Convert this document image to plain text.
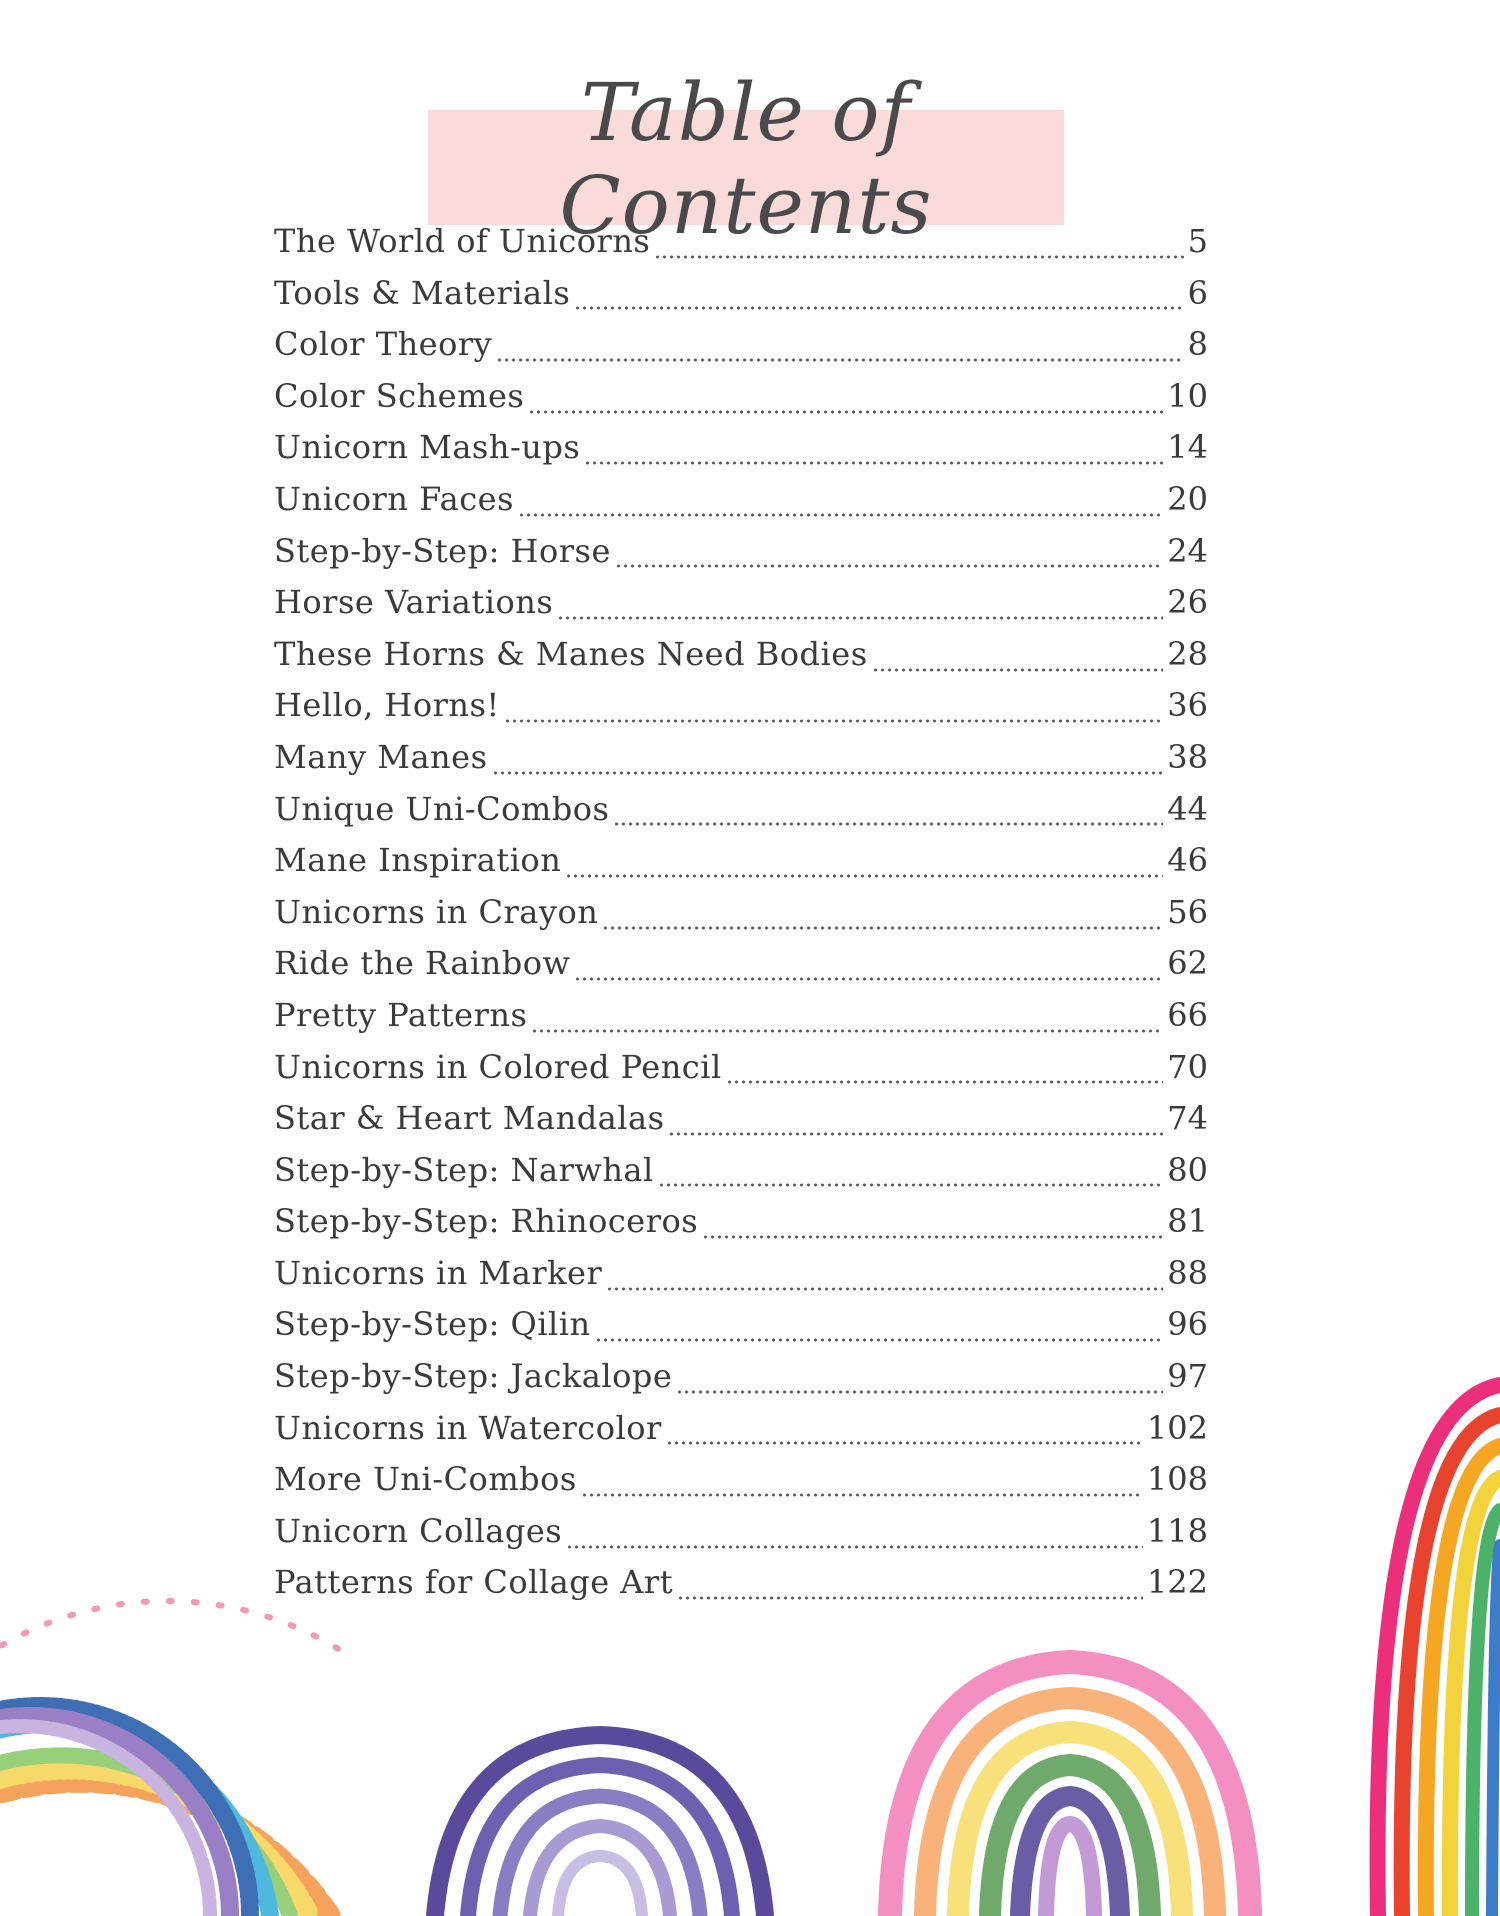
Table of Contents
The World of Unicorns	5
Tools & Materials	6
Color Theory	8
Color Schemes	10
Unicorn Mash-ups	14
Unicorn Faces	20
Step-by-Step: Horse	24
Horse Variations	26
These Horns & Manes Need Bodies	28
Hello, Horns!	36
Many Manes	38
Unique Uni-Combos	44
Mane Inspiration	46
Unicorns in Crayon	56
Ride the Rainbow	62
Pretty Patterns	66
Unicorns in Colored Pencil	70
Star & Heart Mandalas	74
Step-by-Step: Narwhal	80
Step-by-Step: Rhinoceros	81
Unicorns in Marker	88
Step-by-Step: Qilin	96
Step-by-Step: Jackalope	97
Unicorns in Watercolor	102
More Uni-Combos	108
Unicorn Collages	118
Patterns for Collage Art	122
